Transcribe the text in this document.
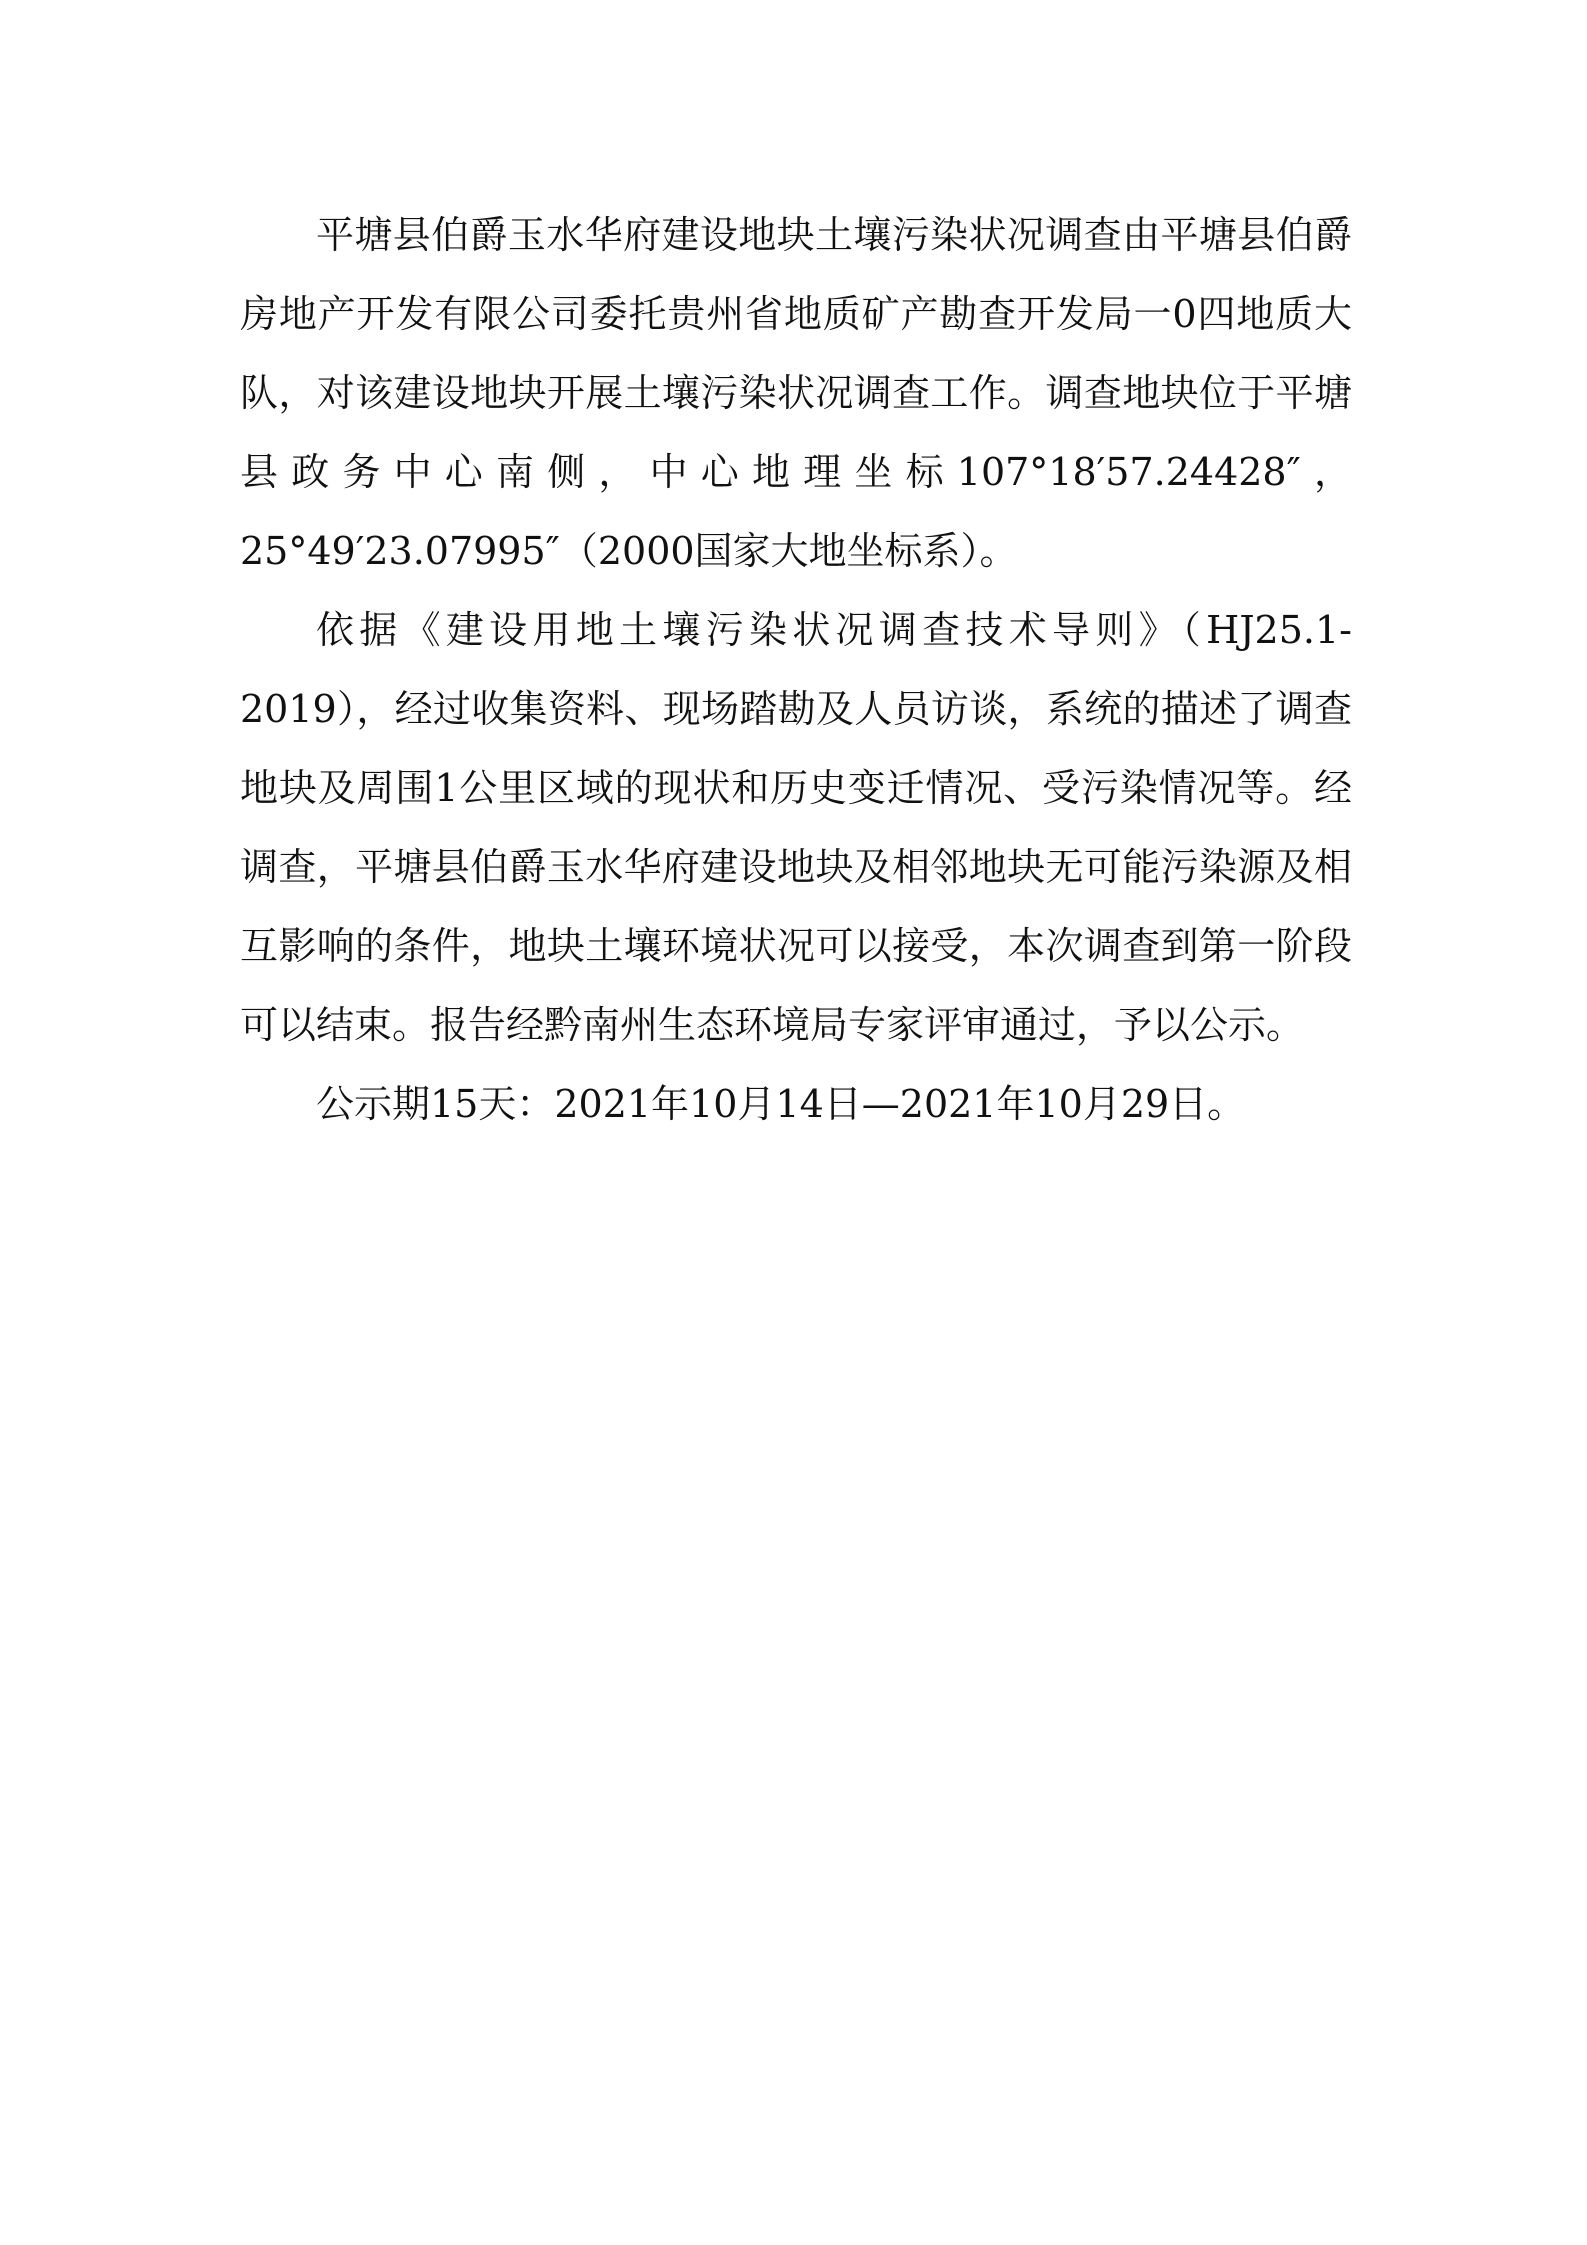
平塘县伯爵玉水华府建设地块土壤污染状况调查由平塘县伯爵房地产开发有限公司委托贵州省地质矿产勘查开发局一0四地质大队，对该建设地块开展土壤污染状况调查工作。调查地块位于平塘县政务中心南侧，中心地理坐标107°18′57.24428″，25°49′23.07995″（2000国家大地坐标系）。

依据《建设用地土壤污染状况调查技术导则》（HJ25.1-2019），经过收集资料、现场踏勘及人员访谈，系统的描述了调查地块及周围1公里区域的现状和历史变迁情况、受污染情况等。经调查，平塘县伯爵玉水华府建设地块及相邻地块无可能污染源及相互影响的条件，地块土壤环境状况可以接受，本次调查到第一阶段可以结束。报告经黔南州生态环境局专家评审通过，予以公示。

公示期15天：2021年10月14日—2021年10月29日。
